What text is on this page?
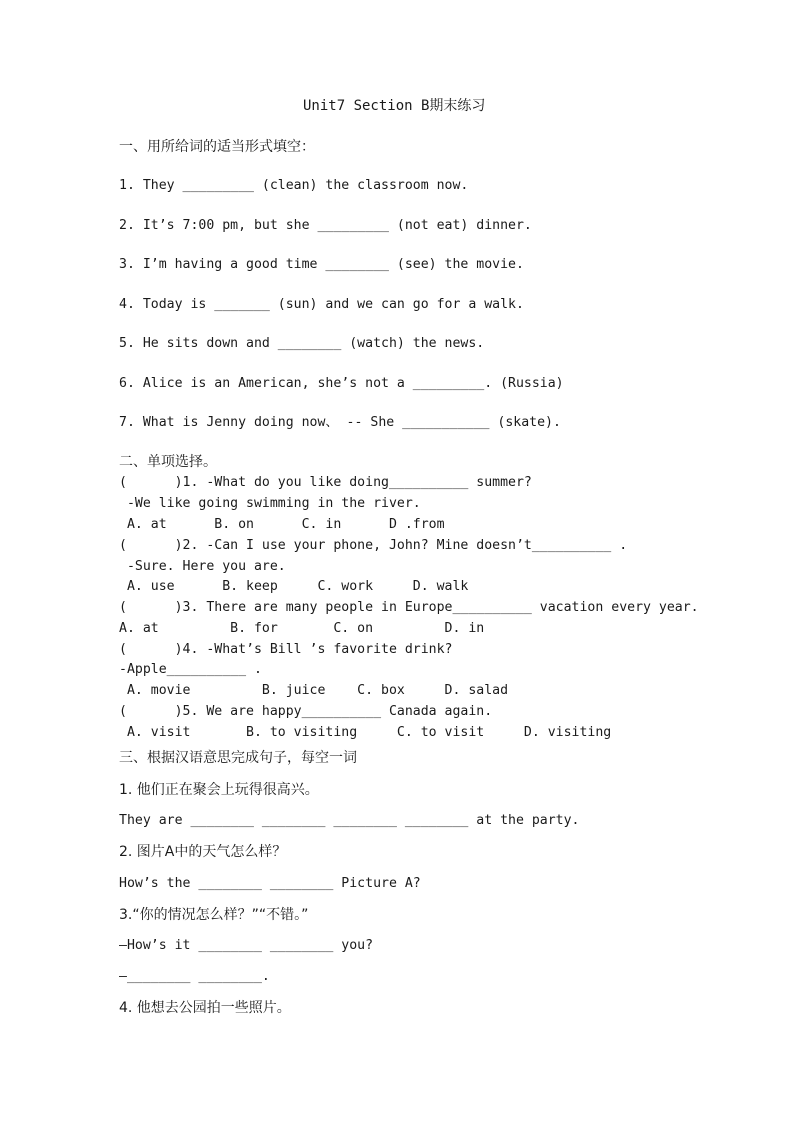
Unit7 Section B期末练习
一、用所给词的适当形式填空：
1. They _________ (clean) the classroom now.
2. It’s 7:00 pm, but she _________ (not eat) dinner.
3. I’m having a good time ________ (see) the movie.
4. Today is _______ (sun) and we can go for a walk.
5. He sits down and ________ (watch) the news.
6. Alice is an American, she’s not a _________. (Russia)
7. What is Jenny doing now、 -- She ___________ (skate).
二、单项选择。
(      )1. -What do you like doing__________ summer?
-We like going swimming in the river.
A. at      B. on      C. in      D .from
(      )2. -Can I use your phone, John? Mine doesn’t__________ .
-Sure. Here you are.
A. use      B. keep     C. work     D. walk
(      )3. There are many people in Europe__________ vacation every year.
A. at         B. for       C. on         D. in
(      )4. -What’s Bill ’s favorite drink?
-Apple__________ .
A. movie         B. juice    C. box     D. salad
(      )5. We are happy__________ Canada again.
A. visit       B. to visiting     C. to visit     D. visiting
三、根据汉语意思完成句子，每空一词
1. 他们正在聚会上玩得很高兴。
They are ________ ________ ________ ________ at the party.
2. 图片A中的天气怎么样？
How’s the ________ ________ Picture A?
3.“你的情况怎么样？”“不错。”
—How’s it ________ ________ you?
—________ ________.
4. 他想去公园拍一些照片。
